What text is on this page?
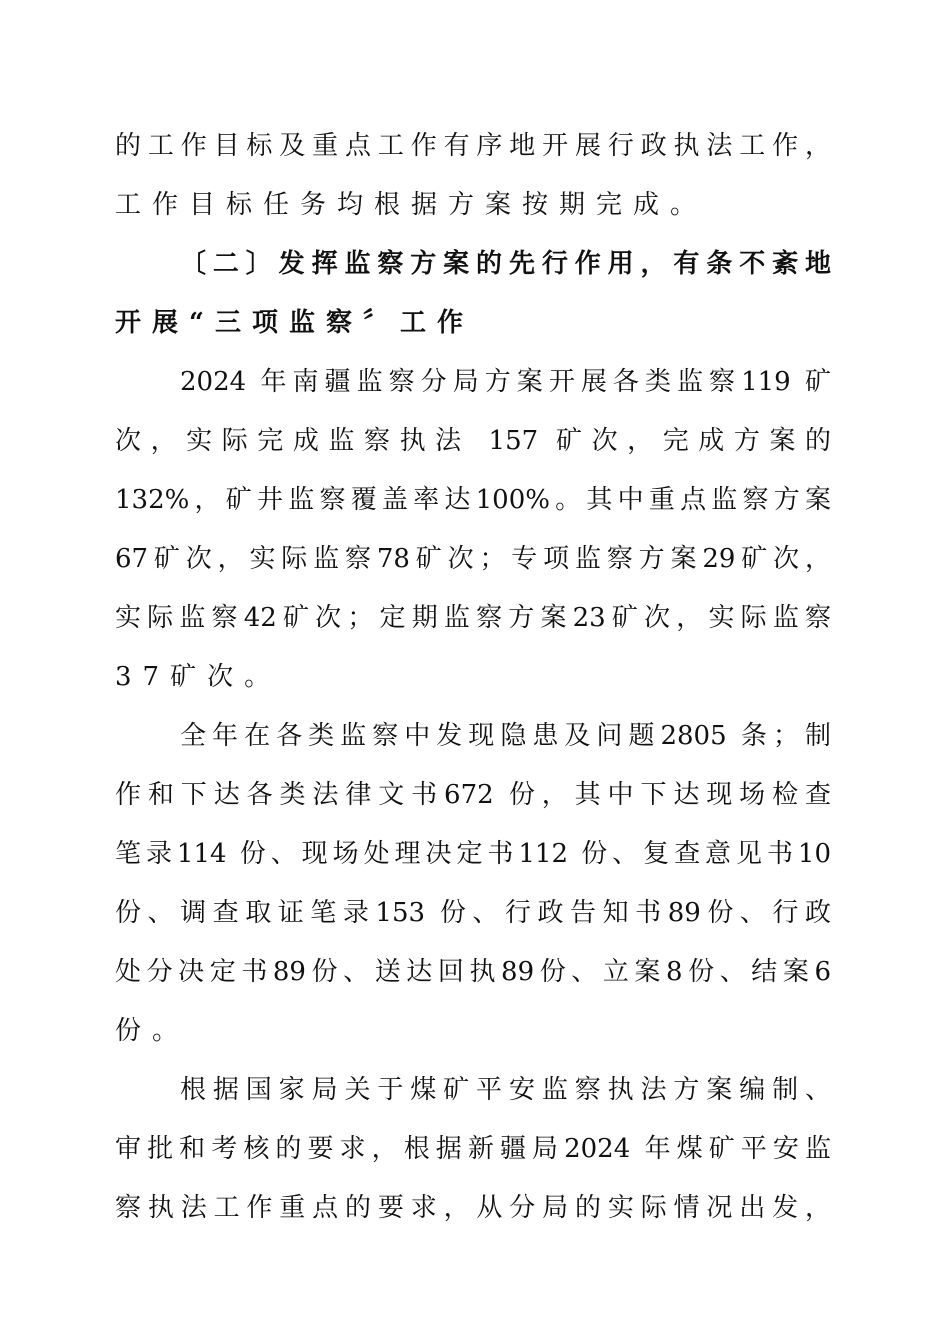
的工作目标及重点工作有序地开展行政执法工作，
工作目标任务均根据方案按期完成。
〔二〕发挥监察方案的先行作用，有条不紊地
开展“三项监察〞工作
2024 年南疆监察分局方案开展各类监察119 矿
次，实际完成监察执法 157 矿次，完成方案的
132%，矿井监察覆盖率达100%。其中重点监察方案
67矿次，实际监察78矿次；专项监察方案29矿次，
实际监察42矿次；定期监察方案23矿次，实际监察
37矿次。
全年在各类监察中发现隐患及问题2805 条；制
作和下达各类法律文书672 份，其中下达现场检查
笔录114 份、现场处理决定书112 份、复查意见书10
份、调查取证笔录153 份、行政告知书89份、行政
处分决定书89份、送达回执89份、立案8份、结案6
份。
根据国家局关于煤矿平安监察执法方案编制、
审批和考核的要求，根据新疆局2024 年煤矿平安监
察执法工作重点的要求，从分局的实际情况出发，
